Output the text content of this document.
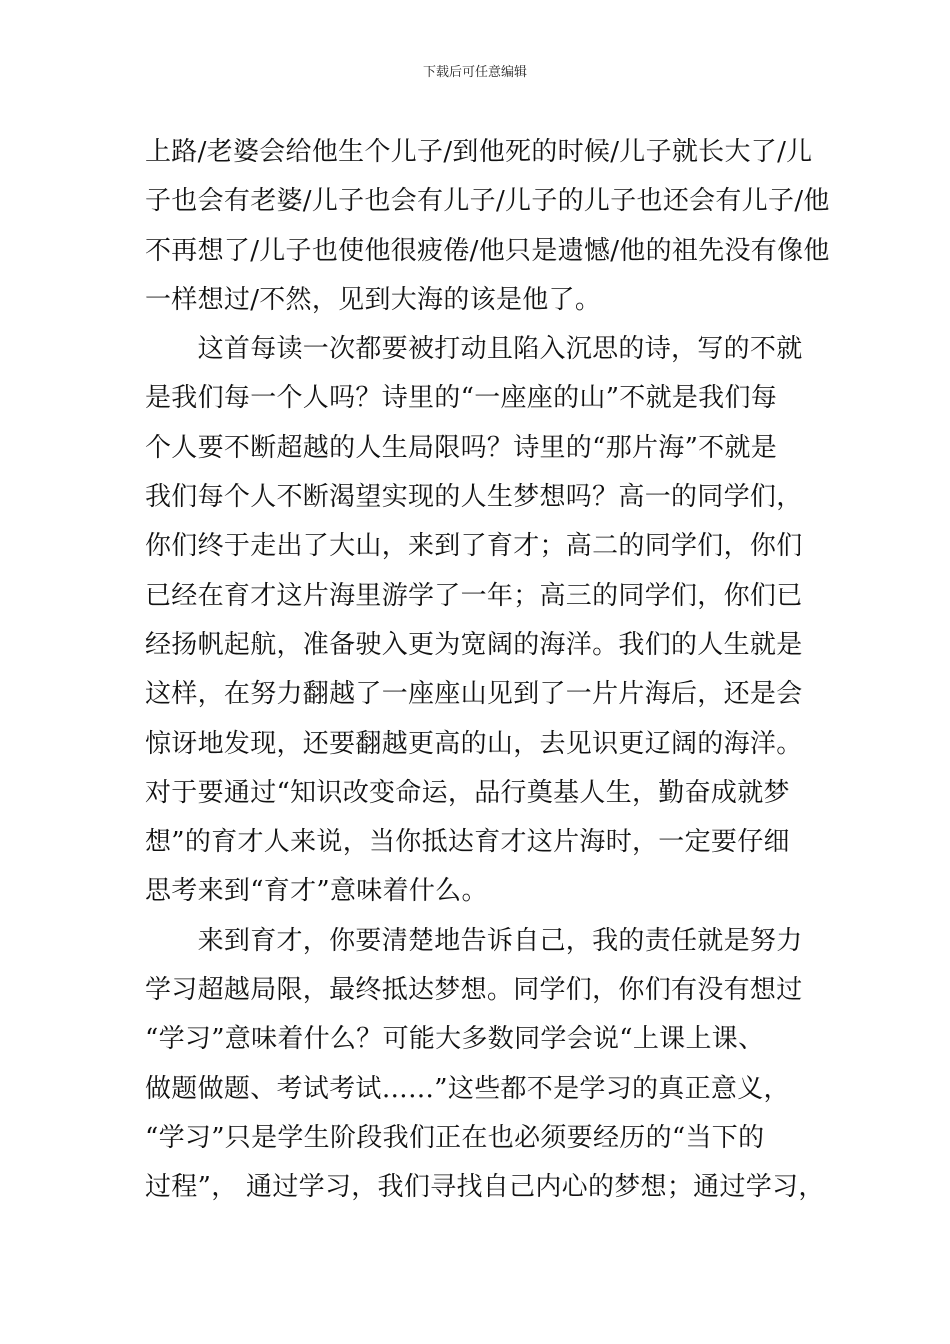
下载后可任意编辑
上路/老婆会给他生个儿子/到他死的时候/儿子就长大了/儿
子也会有老婆/儿子也会有儿子/儿子的儿子也还会有儿子/他
不再想了/儿子也使他很疲倦/他只是遗憾/他的祖先没有像他
一样想过/不然，见到大海的该是他了。
　　这首每读一次都要被打动且陷入沉思的诗，写的不就
是我们每一个人吗？诗里的“一座座的山”不就是我们每
个人要不断超越的人生局限吗？诗里的“那片海”不就是
我们每个人不断渴望实现的人生梦想吗？高一的同学们，
你们终于走出了大山，来到了育才；高二的同学们，你们
已经在育才这片海里游学了一年；高三的同学们，你们已
经扬帆起航，准备驶入更为宽阔的海洋。我们的人生就是
这样，在努力翻越了一座座山见到了一片片海后，还是会
惊讶地发现，还要翻越更高的山，去见识更辽阔的海洋。
对于要通过“知识改变命运，品行奠基人生，勤奋成就梦
想”的育才人来说，当你抵达育才这片海时，一定要仔细
思考来到“育才”意味着什么。
　　来到育才，你要清楚地告诉自己，我的责任就是努力
学习超越局限，最终抵达梦想。同学们，你们有没有想过
“学习”意味着什么？可能大多数同学会说“上课上课、
做题做题、考试考试……”这些都不是学习的真正意义，
“学习”只是学生阶段我们正在也必须要经历的“当下的
过程”， 通过学习，我们寻找自己内心的梦想；通过学习，
